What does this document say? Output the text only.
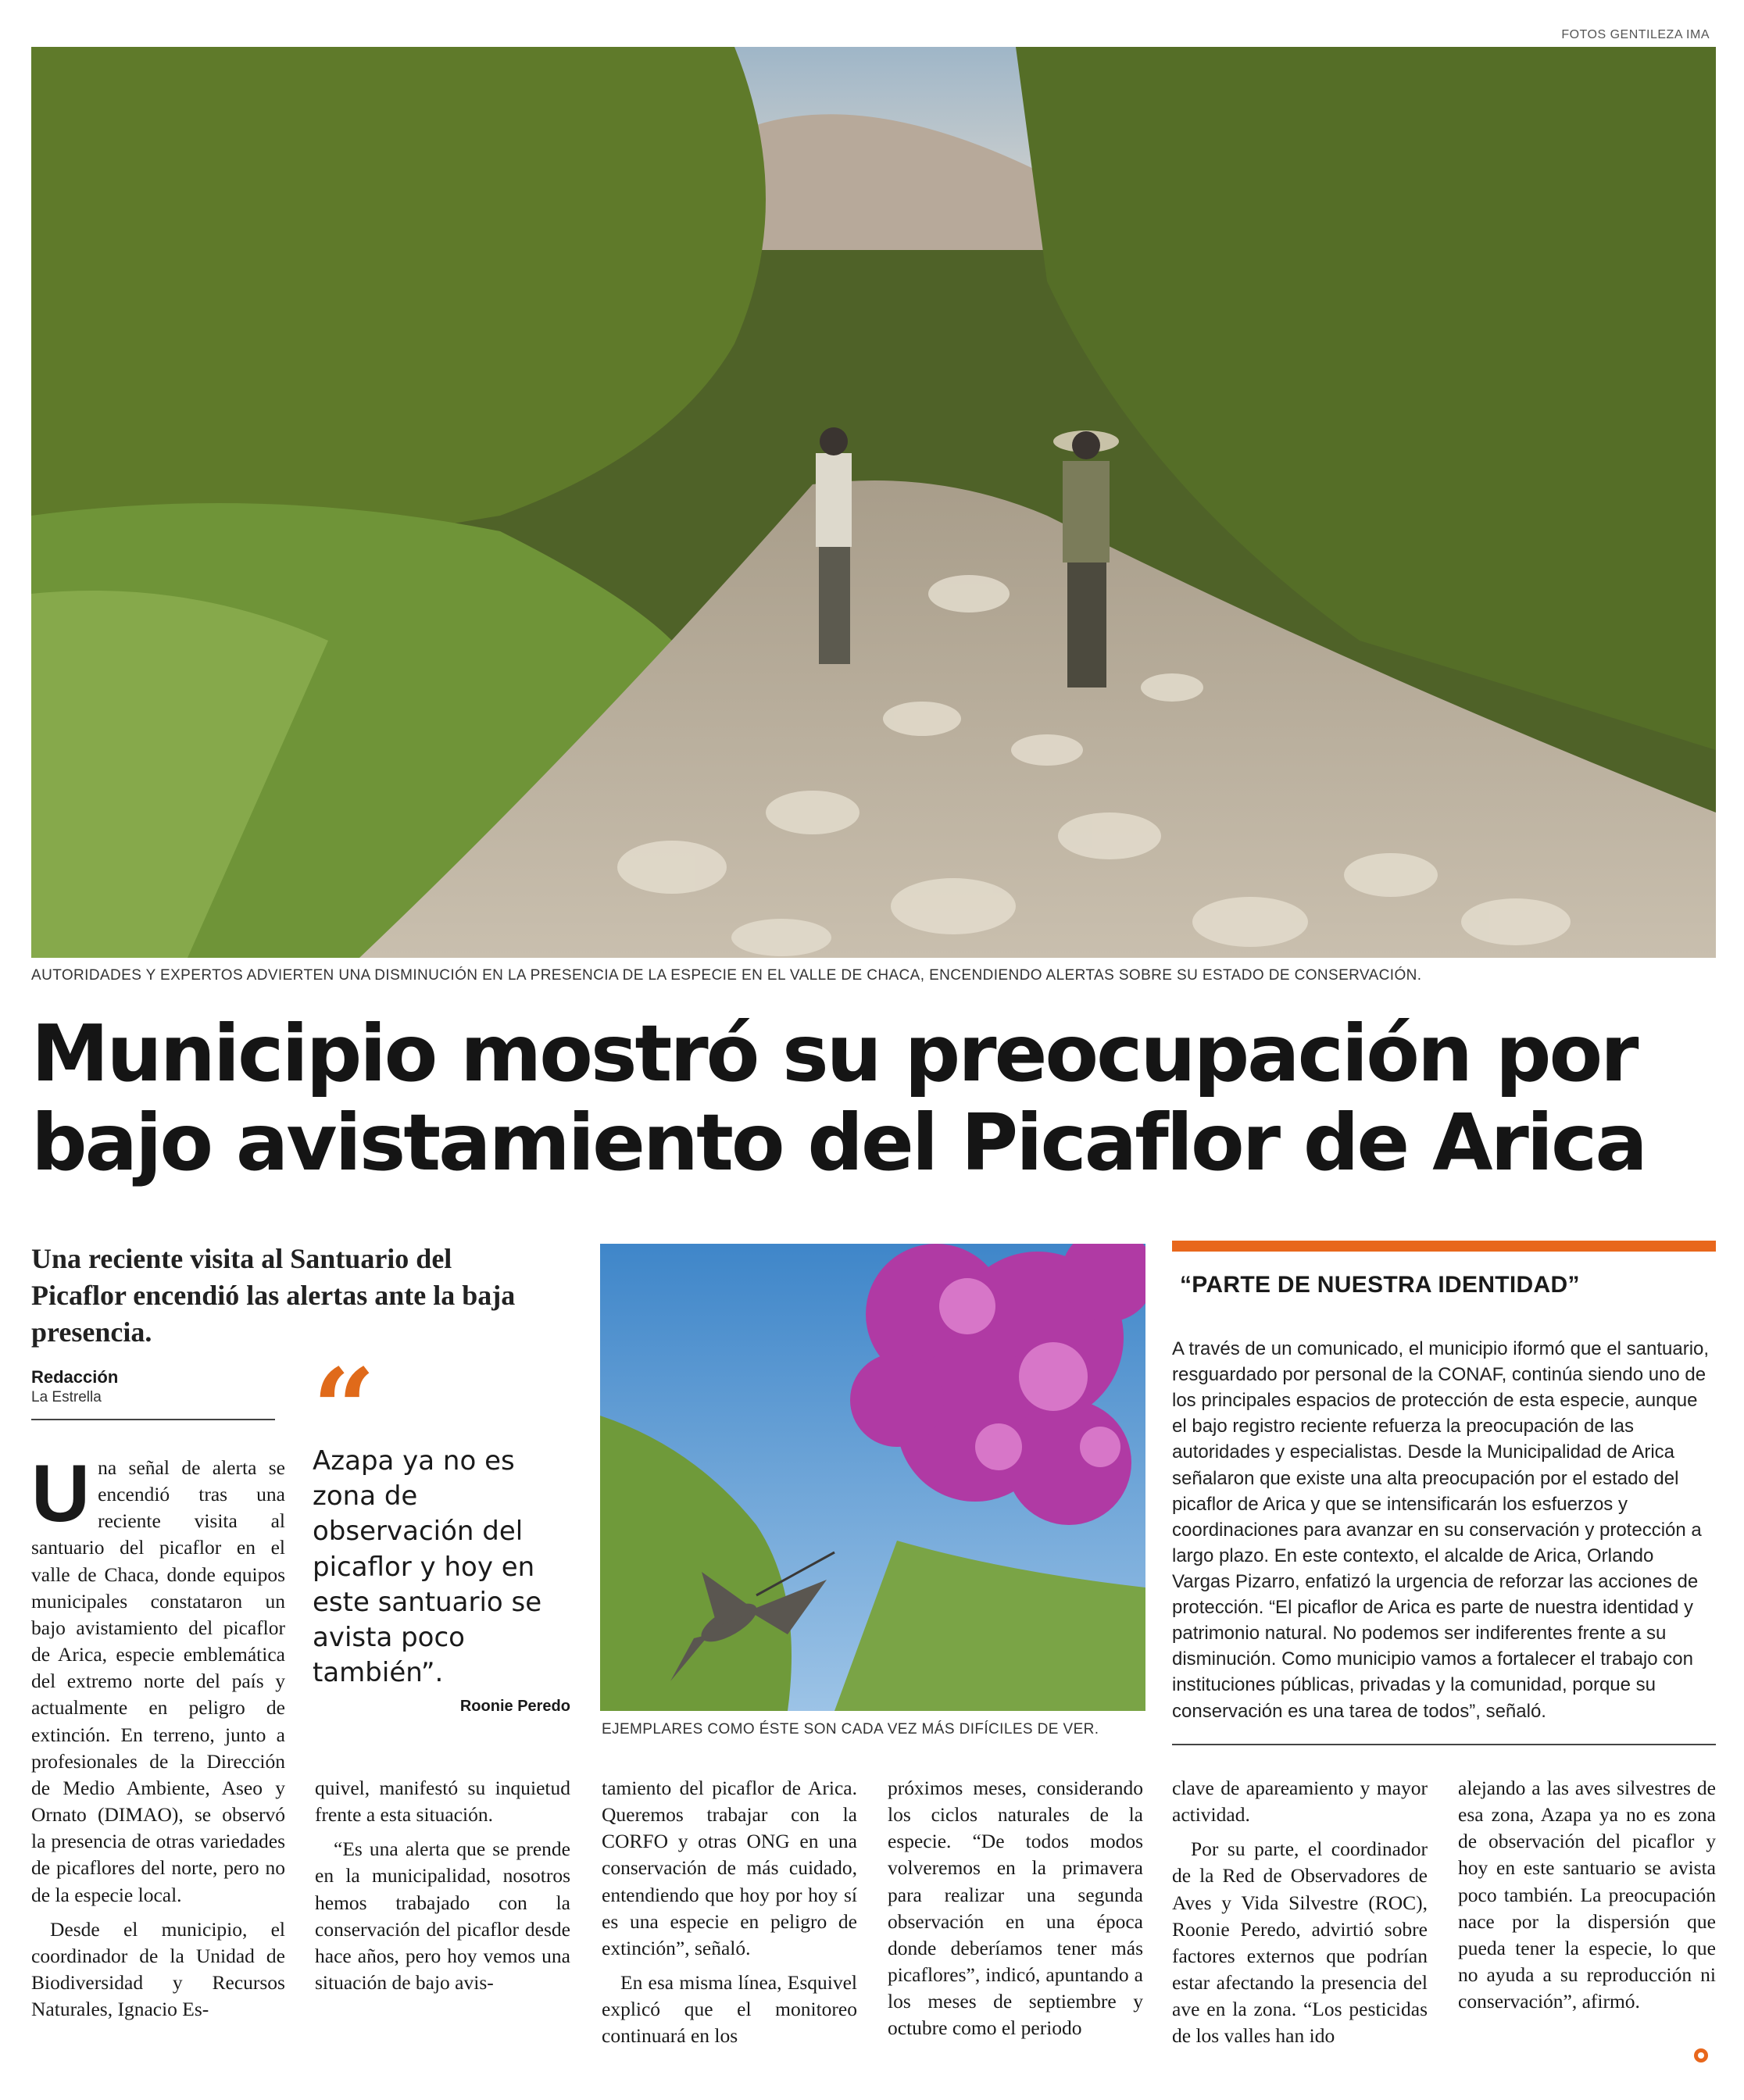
FOTOS GENTILEZA IMA
AUTORIDADES Y EXPERTOS ADVIERTEN UNA DISMINUCIÓN EN LA PRESENCIA DE LA ESPECIE EN EL VALLE DE CHACA, ENCENDIENDO ALERTAS SOBRE SU ESTADO DE CONSERVACIÓN.
Municipio mostró su preocupación por
bajo avistamiento del Picaflor de Arica
Una reciente visita al Santuario del Picaflor encendió las alertas ante la baja presencia.
Redacción
La Estrella

Una señal de alerta se encendió tras una reciente visita al santuario del picaflor en el valle de Chaca, donde equipos municipales constataron un bajo avistamiento del picaflor de Arica, especie emblemática del extremo norte del país y actualmente en peligro de extinción. En terreno, junto a profesionales de la Dirección de Medio Ambiente, Aseo y Ornato (DIMAO), se observó la presencia de otras variedades de picaflores del norte, pero no de la especie local.

Desde el municipio, el coordinador de la Unidad de Biodiversidad y Recursos Naturales, Ignacio Es-

“
Azapa ya no es zona de observación del picaflor y hoy en este santuario se avista poco también”.
Roonie Peredo

quivel, manifestó su inquietud frente a esta situación.

“Es una alerta que se prende en la municipalidad, nosotros hemos trabajado con la conservación del picaflor desde hace años, pero hoy vemos una situación de bajo avis-

EJEMPLARES COMO ÉSTE SON CADA VEZ MÁS DIFÍCILES DE VER.

tamiento del picaflor de Arica. Queremos trabajar con la CORFO y otras ONG en una conservación de más cuidado, entendiendo que hoy por hoy sí es una especie en peligro de extinción”, señaló.

En esa misma línea, Esquivel explicó que el monitoreo continuará en los

próximos meses, considerando los ciclos naturales de la especie. “De todos modos volveremos en la primavera para realizar una segunda observación en una época donde deberíamos tener más picaflores”, indicó, apuntando a los meses de septiembre y octubre como el periodo

“PARTE DE NUESTRA IDENTIDAD”

A través de un comunicado, el municipio iformó que el santuario, resguardado por personal de la CONAF, continúa siendo uno de los principales espacios de protección de esta especie, aunque el bajo registro reciente refuerza la preocupación de las autoridades y especialistas. Desde la Municipalidad de Arica señalaron que existe una alta preocupación por el estado del picaflor de Arica y que se intensificarán los esfuerzos y coordinaciones para avanzar en su conservación y protección a largo plazo. En este contexto, el alcalde de Arica, Orlando Vargas Pizarro, enfatizó la urgencia de reforzar las acciones de protección. “El picaflor de Arica es parte de nuestra identidad y patrimonio natural. No podemos ser indiferentes frente a su disminución. Como municipio vamos a fortalecer el trabajo con instituciones públicas, privadas y la comunidad, porque su conservación es una tarea de todos”, señaló.

clave de apareamiento y mayor actividad.

Por su parte, el coordinador de la Red de Observadores de Aves y Vida Silvestre (ROC), Roonie Peredo, advirtió sobre factores externos que podrían estar afectando la presencia del ave en la zona. “Los pesticidas de los valles han ido

alejando a las aves silvestres de esa zona, Azapa ya no es zona de observación del picaflor y hoy en este santuario se avista poco también. La preocupación nace por la dispersión que pueda tener la especie, lo que no ayuda a su reproducción ni conservación”, afirmó.
